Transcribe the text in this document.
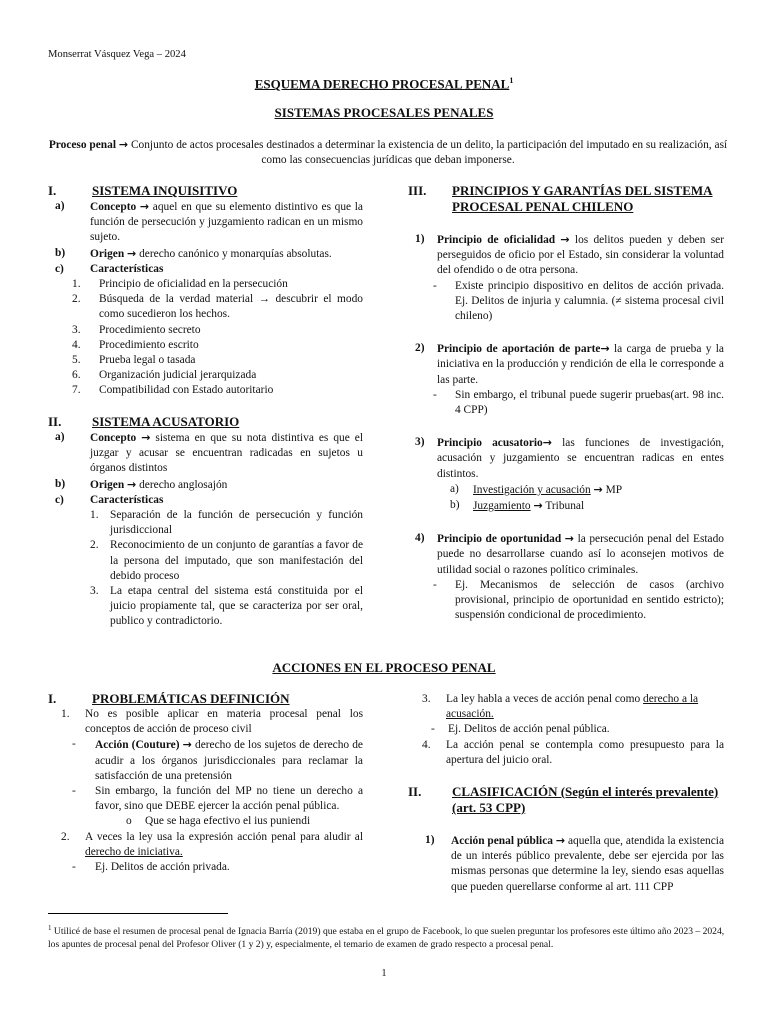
Monserrat Vásquez Vega – 2024
ESQUEMA DERECHO PROCESAL PENAL$^1$
SISTEMAS PROCESALES PENALES
Proceso penal → Conjunto de actos procesales destinados a determinar la existencia de un delito, la participación del imputado en su realización, así como las consecuencias jurídicas que deban imponerse.
I.	SISTEMA INQUISITIVO
a)	Concepto → aquel en que su elemento distintivo es que la función de persecución y juzgamiento radican en un mismo sujeto.
b)	Origen → derecho canónico y monarquías absolutas.
c)	Características
1.	Principio de oficialidad en la persecución
2.	Búsqueda de la verdad material → descubrir el modo como sucedieron los hechos.
3.	Procedimiento secreto
4.	Procedimiento escrito
5.	Prueba legal o tasada
6.	Organización judicial jerarquizada
7.	Compatibilidad con Estado autoritario
II.	SISTEMA ACUSATORIO
a)	Concepto → sistema en que su nota distintiva es que el juzgar y acusar se encuentran radicadas en sujetos u órganos distintos
b)	Origen → derecho anglosajón
c)	Características
1.	Separación de la función de persecución y función jurisdiccional
2.	Reconocimiento de un conjunto de garantías a favor de la persona del imputado, que son manifestación del debido proceso
3.	La etapa central del sistema está constituida por el juicio propiamente tal, que se caracteriza por ser oral, publico y contradictorio.
III.	PRINCIPIOS Y GARANTÍAS DEL SISTEMA PROCESAL PENAL CHILENO
1)	Principio de oficialidad → los delitos pueden y deben ser perseguidos de oficio por el Estado, sin considerar la voluntad del ofendido o de otra persona.
-	Existe principio dispositivo en delitos de acción privada. Ej. Delitos de injuria y calumnia. (≠ sistema procesal civil chileno)
2)	Principio de aportación de parte→ la carga de prueba y la iniciativa en la producción y rendición de ella le corresponde a las parte.
-	Sin embargo, el tribunal puede sugerir pruebas(art. 98 inc. 4 CPP)
3)	Principio acusatorio→ las funciones de investigación, acusación y juzgamiento se encuentran radicas en entes distintos.
a)	Investigación y acusación → MP
b)	Juzgamiento → Tribunal
4)	Principio de oportunidad → la persecución penal del Estado puede no desarrollarse cuando así lo aconsejen motivos de utilidad social o razones político criminales.
-	Ej. Mecanismos de selección de casos (archivo provisional, principio de oportunidad en sentido estricto); suspensión condicional de procedimiento.
ACCIONES EN EL PROCESO PENAL
I.	PROBLEMÁTICAS DEFINICIÓN
1.	No es posible aplicar en materia procesal penal los conceptos de acción de proceso civil
-	Acción (Couture) → derecho de los sujetos de derecho de acudir a los órganos jurisdiccionales para reclamar la satisfacción de una pretensión
-	Sin embargo, la función del MP no tiene un derecho a favor, sino que DEBE ejercer la acción penal pública.
o	Que se haga efectivo el ius puniendi
2.	A veces la ley usa la expresión acción penal para aludir al derecho de iniciativa.
-	Ej. Delitos de acción privada.
3.	La ley habla a veces de acción penal como derecho a la acusación.
-	Ej. Delitos de acción penal pública.
4.	La acción penal se contempla como presupuesto para la apertura del juicio oral.
II.	CLASIFICACIÓN (Según el interés prevalente) (art. 53 CPP)
1)	Acción penal pública → aquella que, atendida la existencia de un interés público prevalente, debe ser ejercida por las mismas personas que determine la ley, siendo esas aquellas que pueden querellarse conforme al art. 111 CPP
$^1$ Utilicé de base el resumen de procesal penal de Ignacia Barría (2019) que estaba en el grupo de Facebook, lo que suelen preguntar los profesores este último año 2023 – 2024, los apuntes de procesal penal del Profesor Oliver (1 y 2) y, especialmente, el temario de examen de grado respecto a procesal penal.
1
